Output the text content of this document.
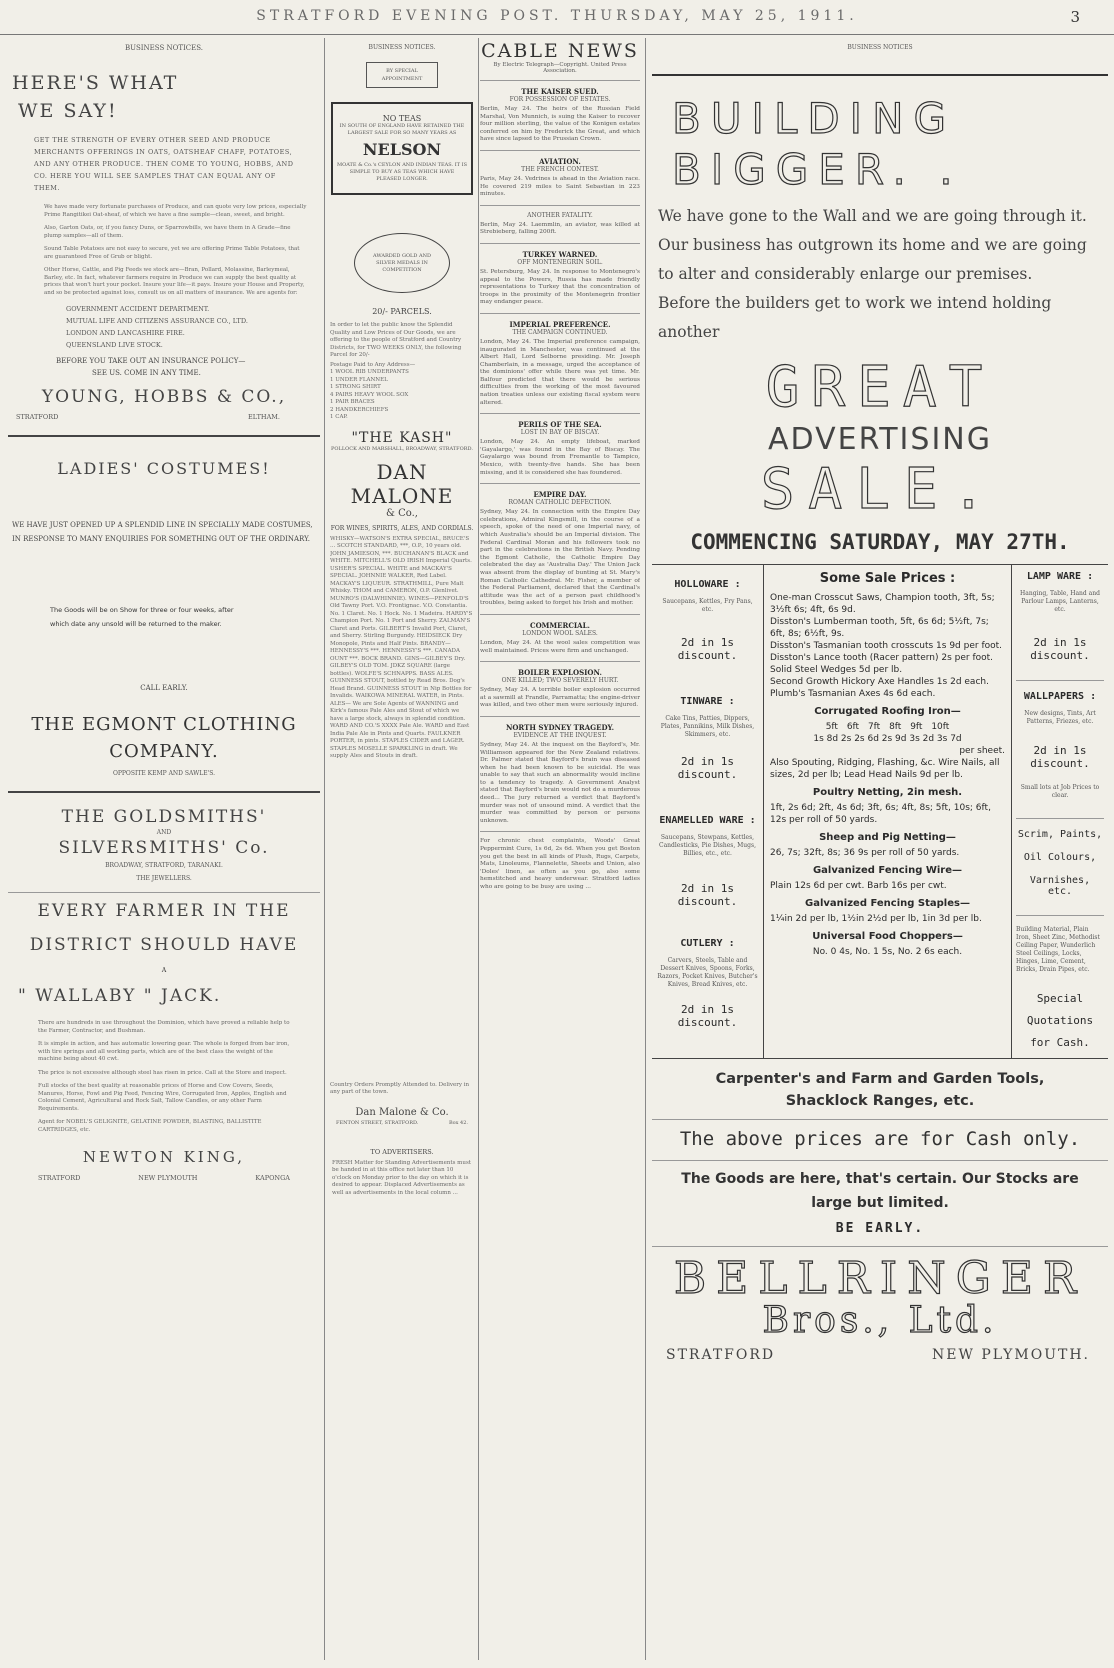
STRATFORD EVENING POST. THURSDAY, MAY 25, 1911.	3
BUSINESS NOTICES.
HERE'S WHAT
WE SAY!
GET THE STRENGTH OF EVERY OTHER SEED AND PRODUCE MERCHANTS OFFERINGS IN OATS, OATSHEAF CHAFF, POTATOES, AND ANY OTHER PRODUCE. THEN COME TO YOUNG, HOBBS, AND CO. HERE YOU WILL SEE SAMPLES THAT CAN EQUAL ANY OF THEM.
We have made very fortunate purchases of Produce, and can quote very low prices, especially Prime Rangitikei Oat-sheaf, of which we have a fine sample—clean, sweet, and bright.
Also, Garton Oats, or, if you fancy Duns, or Sparrowbills, we have them in A Grade—fine plump samples—all of them.
Sound Table Potatoes are not easy to secure, yet we are offering Prime Table Potatoes, that are guaranteed Free of Grub or blight.
Other Horse, Cattle, and Pig Feeds we stock are—Bran, Pollard, Molassine, Barleymeal, Barley, etc. In fact, whatever farmers require in Produce we can supply the best quality at prices that won't hurt your pocket. Insure your life—it pays. Insure your House and Property, and so be protected against loss, consult us on all matters of insurance. We are agents for:
GOVERNMENT ACCIDENT DEPARTMENT.
MUTUAL LIFE AND CITIZENS ASSURANCE CO., LTD.
LONDON AND LANCASHIRE FIRE.
QUEENSLAND LIVE STOCK.
BEFORE YOU TAKE OUT AN INSURANCE POLICY—
SEE US. COME IN ANY TIME.
YOUNG, HOBBS & CO.,
STRATFORD	ELTHAM.
LADIES' COSTUMES!
WE HAVE JUST OPENED UP A SPLENDID LINE IN SPECIALLY MADE COSTUMES, IN RESPONSE TO MANY ENQUIRIES FOR SOMETHING OUT OF THE ORDINARY.
The Goods will be on Show for three or four weeks, after
which date any unsold will be returned to the maker.
CALL EARLY.
THE EGMONT CLOTHING
COMPANY.
OPPOSITE KEMP AND SAWLE'S.
THE GOLDSMITHS'
AND
SILVERSMITHS' Co.
BROADWAY, STRATFORD, TARANAKI.
THE JEWELLERS.
EVERY FARMER IN THE
DISTRICT SHOULD HAVE
A
" WALLABY " JACK.
There are hundreds in use throughout the Dominion, which have proved a reliable help to the Farmer, Contractor, and Bushman.
It is simple in action, and has automatic lowering gear. The whole is forged from bar iron, with tire springs and all working parts, which are of the best class the weight of the machine being about 40 cwt.
The price is not excessive although steel has risen in price. Call at the Store and inspect.
Full stocks of the best quality at reasonable prices of Horse and Cow Covers, Seeds, Manures, Horse, Fowl and Pig Feed, Fencing Wire, Corrugated Iron, Apples, English and Colonial Cement, Agricultural and Rock Salt, Tallow Candles, or any other Farm Requirements.
Agent for NOBEL'S GELIGNITE, GELATINE POWDER, BLASTING, BALLISTITE CARTRIDGES, etc.
NEWTON KING,
STRATFORD	NEW PLYMOUTH	KAPONGA
BUSINESS NOTICES.
BY SPECIAL APPOINTMENT
NO TEAS
IN SOUTH OF ENGLAND HAVE RETAINED THE LARGEST SALE FOR SO MANY YEARS AS
NELSON
MOATE & Co.'s CEYLON AND INDIAN TEAS. IT IS SIMPLE TO BUY AS TEAS WHICH HAVE PLEASED LONGER.
AWARDED GOLD AND SILVER MEDALS IN COMPETITION
20/- PARCELS.
In order to let the public know the Splendid Quality and Low Prices of Our Goods, we are offering to the people of Stratford and Country Districts, for TWO WEEKS ONLY, the following Parcel for 20/-
Postage Paid to Any Address—
1 WOOL RIB UNDERPANTS
1 UNDER FLANNEL
1 STRONG SHIRT
4 PAIRS HEAVY WOOL SOX
1 PAIR BRACES
2 HANDKERCHIEFS
1 CAP.
"THE KASH"
POLLOCK AND MARSHALL, BROADWAY, STRATFORD.
DAN MALONE
& Co.,
FOR WINES, SPIRITS, ALES, AND CORDIALS.
WHISKY—WATSON'S EXTRA SPECIAL, BRUCE'S ... SCOTCH STANDARD, ***, O.P., 10 years old. JOHN JAMIESON, ***. BUCHANAN'S BLACK and WHITE. MITCHELL'S OLD IRISH Imperial Quarts. USHER'S SPECIAL. WHITE and MACKAY'S SPECIAL. JOHNNIE WALKER, Red Label. MACKAY'S LIQUEUR. STRATHMILL, Pure Malt Whisky. THOM and CAMERON, O.P. Glenlivet. MUNRO'S (DALWHINNIE). WINES—PENFOLD'S Old Tawny Port. V.O. Frontignac. V.O. Constantia. No. 1 Claret. No. 1 Hock. No. 1 Madeira. HARDY'S Champion Port. No. 1 Port and Sherry. ZALMAN'S Claret and Ports. GILBERT'S Invalid Port, Claret, and Sherry. Stirling Burgundy. HEIDSIECK Dry Monopole, Pints and Half Pints. BRANDY—HENNESSY'S ***. HENNESSY'S ***. CANADA OUNT ***. BOCK BRAND. GINS—GILBEY'S Dry. GILBEY'S OLD TOM. JDKZ SQUARE (large bottles). WOLFE'S SCHNAPPS. BASS ALES. GUINNESS STOUT, bottled by Read Bros. Dog's Head Brand. GUINNESS STOUT in Nip Bottles for Invalids. WAIKOWA MINERAL WATER, in Pints. ALES— We are Sole Agents of WANNING and Kirk's famous Pale Ales and Stout of which we have a large stock, always in splendid condition. WARD AND CO.'S XXXX Pale Ale. WARD and East India Pale Ale in Pints and Quarts. FAULKNER PORTER, in pints. STAPLES CIDER and LAGER. STAPLES MOSELLE SPARKLING in draft. We supply Ales and Stouts in draft.
Country Orders Promptly Attended to. Delivery in any part of the town.
Dan Malone & Co.
FENTON STREET, STRATFORD.	Box 42.
TO ADVERTISERS.
FRESH Matter for Standing Advertisements must be handed in at this office not later than 10 o'clock on Monday prior to the day on which it is desired to appear. Displaced Advertisements as well as advertisements in the local column ...
CABLE NEWS
By Electric Telegraph—Copyright. United Press Association.
THE KAISER SUED.
FOR POSSESSION OF ESTATES.
Berlin, May 24. The heirs of the Russian Field Marshal, Von Munnich, is suing the Kaiser to recover four million sterling, the value of the Konigen estates conferred on him by Frederick the Great, and which have since lapsed to the Prussian Crown.
AVIATION.
THE FRENCH CONTEST.
Paris, May 24. Vedrines is ahead in the Aviation race. He covered 219 miles to Saint Sebastian in 223 minutes.
ANOTHER FATALITY.
Berlin, May 24. Laemmlin, an aviator, was killed at Strebieberg, falling 200ft.
TURKEY WARNED.
OFF MONTENEGRIN SOIL.
St. Petersburg, May 24. In response to Montenegro's appeal to the Powers, Russia has made friendly representations to Turkey that the concentration of troops in the proximity of the Montenegrin frontier may endanger peace.
IMPERIAL PREFERENCE.
THE CAMPAIGN CONTINUED.
London, May 24. The Imperial preference campaign, inaugurated in Manchester, was continued at the Albert Hall, Lord Selborne presiding. Mr. Joseph Chamberlain, in a message, urged the acceptance of the dominions' offer while there was yet time. Mr. Balfour predicted that there would be serious difficulties from the working of the most favoured nation treaties unless our existing fiscal system were altered.
PERILS OF THE SEA.
LOST IN BAY OF BISCAY.
London, May 24. An empty lifeboat, marked 'Gayalargo,' was found in the Bay of Biscay. The Gayalargo was bound from Fremantle to Tampico, Mexico, with twenty-five hands. She has been missing, and it is considered she has foundered.
EMPIRE DAY.
ROMAN CATHOLIC DEFECTION.
Sydney, May 24. In connection with the Empire Day celebrations, Admiral Kingsmill, in the course of a speech, spoke of the need of one Imperial navy, of which Australia's should be an Imperial division. The Federal Cardinal Moran and his followers took no part in the celebrations in the British Navy. Pending the Egmont Catholic, the Catholic Empire Day celebrated the day as 'Australia Day.' The Union Jack was absent from the display of bunting at St. Mary's Roman Catholic Cathedral. Mr. Fisher, a member of the Federal Parliament, declared that the Cardinal's attitude was the act of a person past childhood's troubles, being asked to forget his Irish and mother.
COMMERCIAL.
LONDON WOOL SALES.
London, May 24. At the wool sales competition was well maintained. Prices were firm and unchanged.
BOILER EXPLOSION.
ONE KILLED; TWO SEVERELY HURT.
Sydney, May 24. A terrible boiler explosion occurred at a sawmill at Frandle, Parramatta; the engine-driver was killed, and two other men were seriously injured.
NORTH SYDNEY TRAGEDY.
EVIDENCE AT THE INQUEST.
Sydney, May 24. At the inquest on the Bayford's, Mr. Williamson appeared for the New Zealand relatives. Dr. Palmer stated that Bayford's brain was diseased when he had been known to be suicidal. He was unable to say that such an abnormality would incline to a tendency to tragedy. A Government Analyst stated that Bayford's brain would not do a murderous deed... The jury returned a verdict that Bayford's murder was not of unsound mind. A verdict that the murder was committed by person or persons unknown.
For chronic chest complaints, Woods' Great Peppermint Cure, 1s 6d, 2s 6d. When you get Boston you get the best in all kinds of Plush, Rugs, Carpets, Mats, Linoleums, Flannelette, Sheets and Union, also 'Doles' linen, as often as you go, also some hemstitched and heavy underwear. Stratford ladies who are going to be busy are using ...
BUSINESS NOTICES
BUILDING
BIGGER. .
We have gone to the Wall and we are going through it. Our business has outgrown its home and we are going to alter and considerably enlarge our premises.
Before the builders get to work we intend holding another
GREAT
ADVERTISING
SALE.
COMMENCING SATURDAY, MAY 27TH.
HOLLOWARE :
Saucepans, Kettles, Fry Pans, etc.
2d in 1s discount.
TINWARE :
Cake Tins, Patties, Dippers, Plates, Pannikins, Milk Dishes, Skimmers, etc.
2d in 1s discount.
ENAMELLED WARE :
Saucepans, Stewpans, Kettles, Candlesticks, Pie Dishes, Mugs, Billies, etc., etc.
2d in 1s discount.
CUTLERY :
Carvers, Steels, Table and Dessert Knives, Spoons, Forks, Razors, Pocket Knives, Butcher's Knives, Bread Knives, etc.
2d in 1s discount.
Some Sale Prices :
One-man Crosscut Saws, Champion tooth, 3ft, 5s; 3½ft 6s; 4ft, 6s 9d.
Disston's Lumberman tooth, 5ft, 6s 6d; 5½ft, 7s; 6ft, 8s; 6½ft, 9s.
Disston's Tasmanian tooth crosscuts 1s 9d per foot.
Disston's Lance tooth (Racer pattern) 2s per foot.
Solid Steel Wedges 5d per lb.
Second Growth Hickory Axe Handles 1s 2d each.
Plumb's Tasmanian Axes 4s 6d each.
Corrugated Roofing Iron—
5ft 6ft 7ft 8ft 9ft 10ft
1s 8d 2s 2s 6d 2s 9d 3s 2d 3s 7d
per sheet.
Also Spouting, Ridging, Flashing, &c. Wire Nails, all sizes, 2d per lb; Lead Head Nails 9d per lb.
Poultry Netting, 2in mesh.
1ft, 2s 6d; 2ft, 4s 6d; 3ft, 6s; 4ft, 8s; 5ft, 10s; 6ft, 12s per roll of 50 yards.
Sheep and Pig Netting—
26, 7s; 32ft, 8s; 36 9s per roll of 50 yards.
Galvanized Fencing Wire—
Plain 12s 6d per cwt. Barb 16s per cwt.
Galvanized Fencing Staples—
1¼in 2d per lb, 1½in 2½d per lb, 1in 3d per lb.
Universal Food Choppers—
No. 0 4s, No. 1 5s, No. 2 6s each.
LAMP WARE :
Hanging, Table, Hand and Parlour Lamps, Lanterns, etc.
2d in 1s discount.
WALLPAPERS :
New designs, Tints, Art Patterns, Friezes, etc.
2d in 1s discount.
Small lots at Job Prices to clear.
Scrim, Paints,
Oil Colours,
Varnishes, etc.
Building Material, Plain Iron, Sheet Zinc, Methodist Ceiling Paper, Wunderlich Steel Ceilings, Locks, Hinges, Lime, Cement, Bricks, Drain Pipes, etc.
Special Quotations for Cash.
Carpenter's and Farm and Garden Tools,
Shacklock Ranges, etc.
The above prices are for Cash only.
The Goods are here, that's certain. Our Stocks are large but limited.
BE EARLY.
BELLRINGER
Bros., Ltd.
STRATFORD	NEW PLYMOUTH.
